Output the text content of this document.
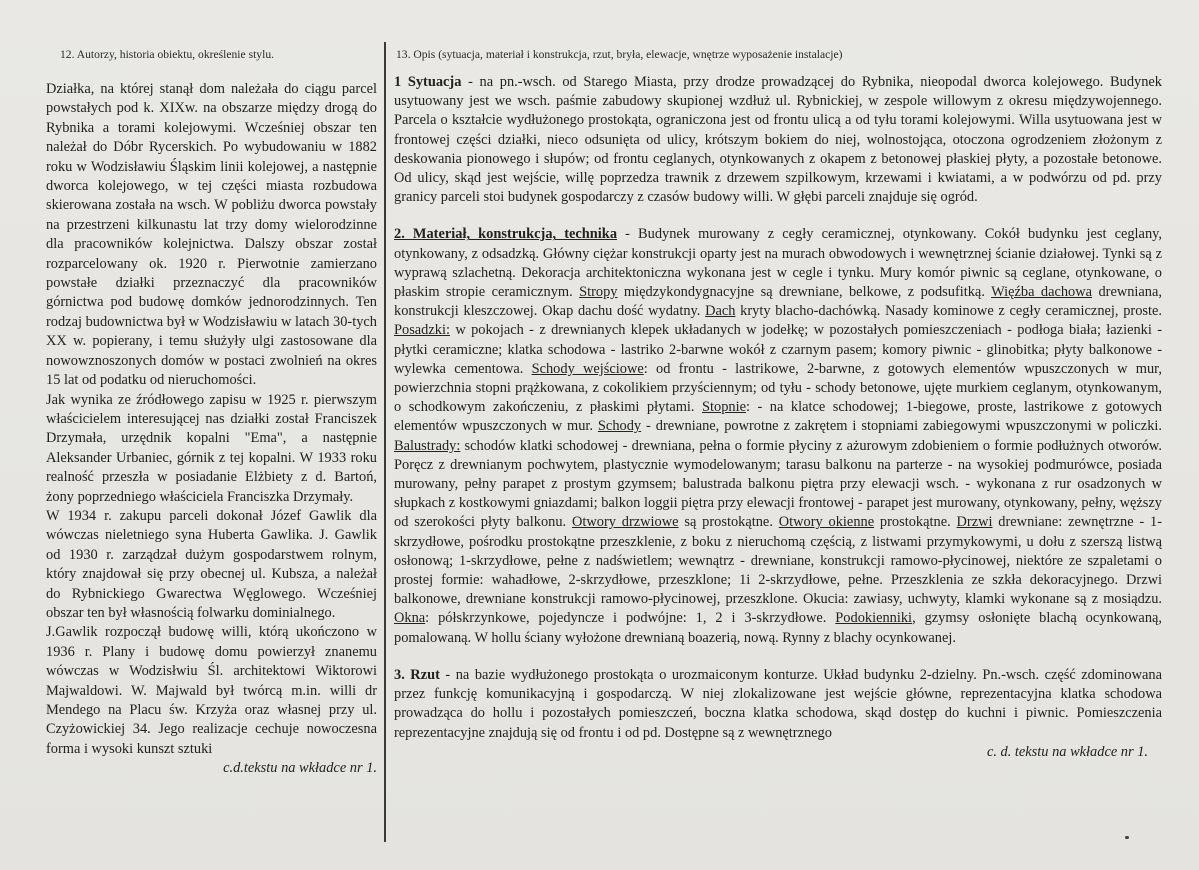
12. Autorzy, historia obiektu, określenie stylu.	13. Opis (sytuacja, materiał i konstrukcja, rzut, bryła, elewacje, wnętrze wyposażenie instalacje)

Działka, na której stanął dom należała do ciągu parcel powstałych pod k. XIXw. na obszarze między drogą do Rybnika a torami kolejowymi. Wcześniej obszar ten należał do Dóbr Rycerskich. Po wybudowaniu w 1882 roku w Wodzisławiu Śląskim linii kolejowej, a następnie dworca kolejowego, w tej części miasta rozbudowa skierowana została na wsch. W pobliżu dworca powstały na przestrzeni kilkunastu lat trzy domy wielorodzinne dla pracowników kolejnictwa. Dalszy obszar został rozparcelowany ok. 1920 r. Pierwotnie zamierzano powstałe działki przeznaczyć dla pracowników górnictwa pod budowę domków jednorodzinnych. Ten rodzaj budownictwa był w Wodzisławiu w latach 30-tych XX w. popierany, i temu służyły ulgi zastosowane dla nowowznoszonych domów w postaci zwolnień na okres 15 lat od podatku od nieruchomości.

Jak wynika ze źródłowego zapisu w 1925 r. pierwszym właścicielem interesującej nas działki został Franciszek Drzymała, urzędnik kopalni "Ema", a następnie Aleksander Urbaniec, górnik z tej kopalni. W 1933 roku realność przeszła w posiadanie Elżbiety z d. Bartoń, żony poprzedniego właściciela Franciszka Drzymały.

W 1934 r. zakupu parceli dokonał Józef Gawlik dla wówczas nieletniego syna Huberta Gawlika. J. Gawlik od 1930 r. zarządzał dużym gospodarstwem rolnym, który znajdował się przy obecnej ul. Kubsza, a należał do Rybnickiego Gwarectwa Węglowego. Wcześniej obszar ten był własnością folwarku dominialnego.

J.Gawlik rozpoczął budowę willi, którą ukończono w 1936 r. Plany i budowę domu powierzył znanemu wówczas w Wodzisłwiu Śl. architektowi Wiktorowi Majwaldowi. W. Majwald był twórcą m.in. willi dr Mendego na Placu św. Krzyża oraz własnej przy ul. Czyżowickiej 34. Jego realizacje cechuje nowoczesna forma i wysoki kunszt sztuki

c.d.tekstu na wkładce nr 1.

1 Sytuacja - na pn.-wsch. od Starego Miasta, przy drodze prowadzącej do Rybnika, nieopodal dworca kolejowego. Budynek usytuowany jest we wsch. paśmie zabudowy skupionej wzdłuż ul. Rybnickiej, w zespole willowym z okresu międzywojennego. Parcela o kształcie wydłużonego prostokąta, ograniczona jest od frontu ulicą a od tyłu torami kolejowymi. Willa usytuowana jest w frontowej części działki, nieco odsunięta od ulicy, krótszym bokiem do niej, wolnostojąca, otoczona ogrodzeniem złożonym z deskowania pionowego i słupów; od frontu ceglanych, otynkowanych z okapem z betonowej płaskiej płyty, a pozostałe betonowe. Od ulicy, skąd jest wejście, willę poprzedza trawnik z drzewem szpilkowym, krzewami i kwiatami, a w podwórzu od pd. przy granicy parceli stoi budynek gospodarczy z czasów budowy willi. W głębi parceli znajduje się ogród.

2. Materiał, konstrukcja, technika - Budynek murowany z cegły ceramicznej, otynkowany. Cokół budynku jest ceglany, otynkowany, z odsadzką. Główny ciężar konstrukcji oparty jest na murach obwodowych i wewnętrznej ścianie działowej. Tynki są z wyprawą szlachetną. Dekoracja architektoniczna wykonana jest w cegle i tynku. Mury komór piwnic są ceglane, otynkowane, o płaskim stropie ceramicznym. Stropy międzykondygnacyjne są drewniane, belkowe, z podsufitką. Więźba dachowa drewniana, konstrukcji kleszczowej. Okap dachu dość wydatny. Dach kryty blacho-dachówką. Nasady kominowe z cegły ceramicznej, proste. Posadzki: w pokojach - z drewnianych klepek układanych w jodełkę; w pozostałych pomieszczeniach - podłoga biała; łazienki - płytki ceramiczne; klatka schodowa - lastriko 2-barwne wokół z czarnym pasem; komory piwnic - glinobitka; płyty balkonowe - wylewka cementowa. Schody wejściowe: od frontu - lastrikowe, 2-barwne, z gotowych elementów wpuszczonych w mur, powierzchnia stopni prążkowana, z cokolikiem przyściennym; od tyłu - schody betonowe, ujęte murkiem ceglanym, otynkowanym, o schodkowym zakończeniu, z płaskimi płytami. Stopnie: - na klatce schodowej; 1-biegowe, proste, lastrikowe z gotowych elementów wpuszczonych w mur. Schody - drewniane, powrotne z zakrętem i stopniami zabiegowymi wpuszczonymi w policzki. Balustrady: schodów klatki schodowej - drewniana, pełna o formie płyciny z ażurowym zdobieniem o formie podłużnych otworów. Poręcz z drewnianym pochwytem, plastycznie wymodelowanym; tarasu balkonu na parterze - na wysokiej podmurówce, posiada murowany, pełny parapet z prostym gzymsem; balustrada balkonu piętra przy elewacji wsch. - wykonana z rur osadzonych w słupkach z kostkowymi gniazdami; balkon loggii piętra przy elewacji frontowej - parapet jest murowany, otynkowany, pełny, węższy od szerokości płyty balkonu. Otwory drzwiowe są prostokątne. Otwory okienne prostokątne. Drzwi drewniane: zewnętrzne - 1-skrzydłowe, pośrodku prostokątne przeszklenie, z boku z nieruchomą częścią, z listwami przymykowymi, u dołu z szerszą listwą osłonową; 1-skrzydłowe, pełne z nadświetlem; wewnątrz - drewniane, konstrukcji ramowo-płycinowej, niektóre ze szpaletami o prostej formie: wahadłowe, 2-skrzydłowe, przeszklone; 1i 2-skrzydłowe, pełne. Przeszklenia ze szkła dekoracyjnego. Drzwi balkonowe, drewniane konstrukcji ramowo-płycinowej, przeszklone. Okucia: zawiasy, uchwyty, klamki wykonane są z mosiądzu. Okna: półskrzynkowe, pojedyncze i podwójne: 1, 2 i 3-skrzydłowe. Podokienniki, gzymsy osłonięte blachą ocynkowaną, pomalowaną. W hollu ściany wyłożone drewnianą boazerią, nową. Rynny z blachy ocynkowanej.

3. Rzut - na bazie wydłużonego prostokąta o urozmaiconym konturze. Układ budynku 2-dzielny. Pn.-wsch. część zdominowana przez funkcję komunikacyjną i gospodarczą. W niej zlokalizowane jest wejście główne, reprezentacyjna klatka schodowa prowadząca do hollu i pozostałych pomieszczeń, boczna klatka schodowa, skąd dostęp do kuchni i piwnic. Pomieszczenia reprezentacyjne znajdują się od frontu i od pd. Dostępne są z wewnętrznego

c. d. tekstu na wkładce nr 1.
